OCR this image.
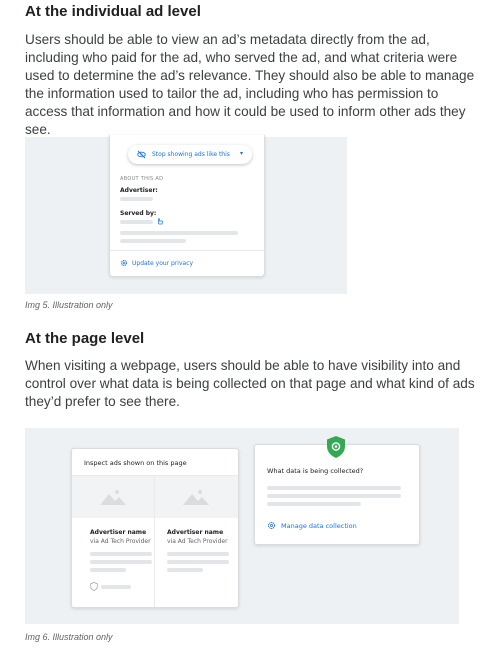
At the individual ad level
Users should be able to view an ad’s metadata directly from the ad, including who paid for the ad, who served the ad, and what criteria were used to determine the ad’s relevance. They should also be able to manage the information used to tailor the ad, including who has permission to access that information and how it could be used to inform other ads they see.
Stop showing ads like this ▾
ABOUT THIS AD
Advertiser:
Served by:
Update your privacy
Img 5. Illustration only
At the page level
When visiting a webpage, users should be able to have visibility into and control over what data is being collected on that page and what kind of ads they’d prefer to see there.
Inspect ads shown on this page
Advertiser name
via Ad Tech Provider
Advertiser name
via Ad Tech Provider
What data is being collected?
Manage data collection
Img 6. Illustration only
